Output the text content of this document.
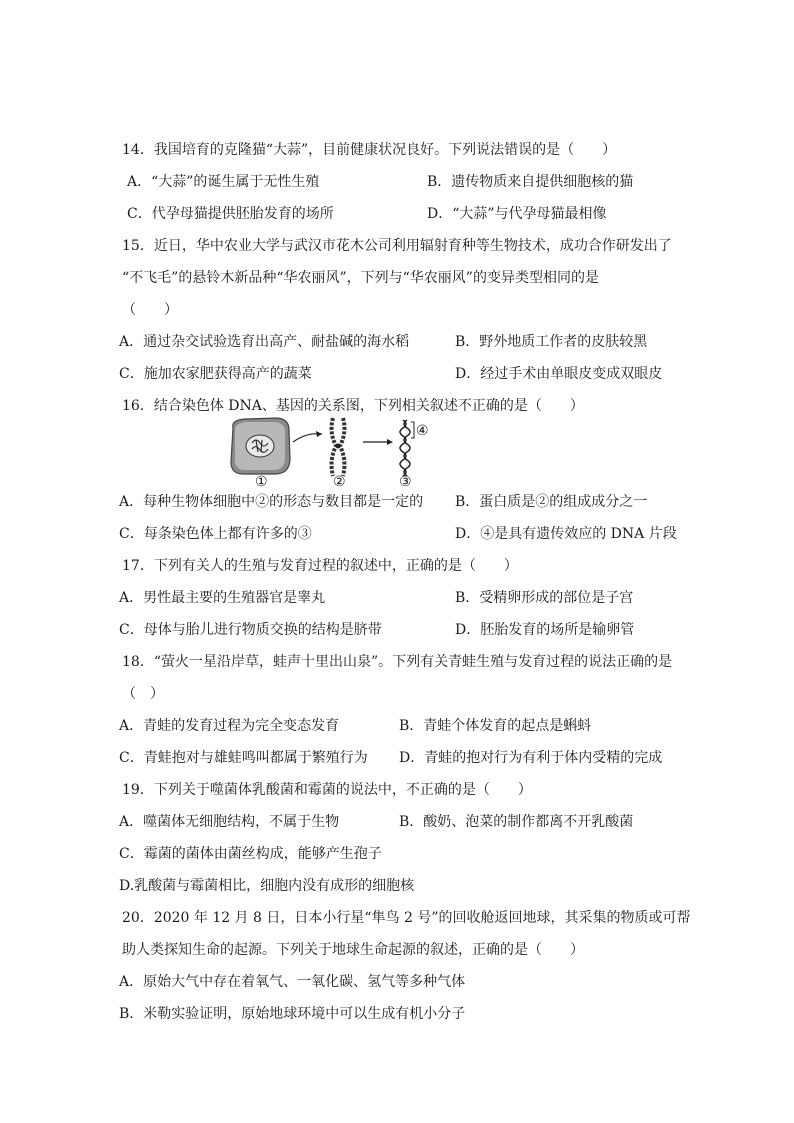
14．我国培育的克隆猫“大蒜”，目前健康状况良好。下列说法错误的是（　　）
A．“大蒜”的诞生属于无性生殖	B．遗传物质来自提供细胞核的猫
C．代孕母猫提供胚胎发育的场所	D．“大蒜”与代孕母猫最相像
15．近日，华中农业大学与武汉市花木公司利用辐射育种等生物技术，成功合作研发出了
“不飞毛”的悬铃木新品种“华农丽风”，下列与“华农丽风”的变异类型相同的是
（　　）
A．通过杂交试验选育出高产、耐盐碱的海水稻	B．野外地质工作者的皮肤较黑
C．施加农家肥获得高产的蔬菜	D．经过手术由单眼皮变成双眼皮
16．结合染色体 DNA、基因的关系图，下列相关叙述不正确的是（　　）
①	②	③
④
A．每种生物体细胞中②的形态与数目都是一定的 B．蛋白质是②的组成成分之一
C．每条染色体上都有许多的③	D．④是具有遗传效应的 DNA 片段
17．下列有关人的生殖与发育过程的叙述中，正确的是（　　）
A．男性最主要的生殖器官是睾丸	B．受精卵形成的部位是子宫
C．母体与胎儿进行物质交换的结构是脐带	D．胚胎发育的场所是输卵管
18．“萤火一星沿岸草，蛙声十里出山泉”。下列有关青蛙生殖与发育过程的说法正确的是
（　）
A．青蛙的发育过程为完全变态发育	B．青蛙个体发育的起点是蝌蚪
C．青蛙抱对与雄蛙鸣叫都属于繁殖行为 D．青蛙的抱对行为有利于体内受精的完成
19．下列关于噬菌体乳酸菌和霉菌的说法中，不正确的是（　　）
A．噬菌体无细胞结构，不属于生物	B．酸奶、泡菜的制作都离不开乳酸菌
C．霉菌的菌体由菌丝构成，能够产生孢子
D.乳酸菌与霉菌相比，细胞内没有成形的细胞核
20．2020 年 12 月 8 日，日本小行星“隼鸟 2 号”的回收舱返回地球，其采集的物质或可帮
助人类探知生命的起源。下列关于地球生命起源的叙述，正确的是（　　）
A．原始大气中存在着氧气、一氧化碳、氢气等多种气体
B．米勒实验证明，原始地球环境中可以生成有机小分子
